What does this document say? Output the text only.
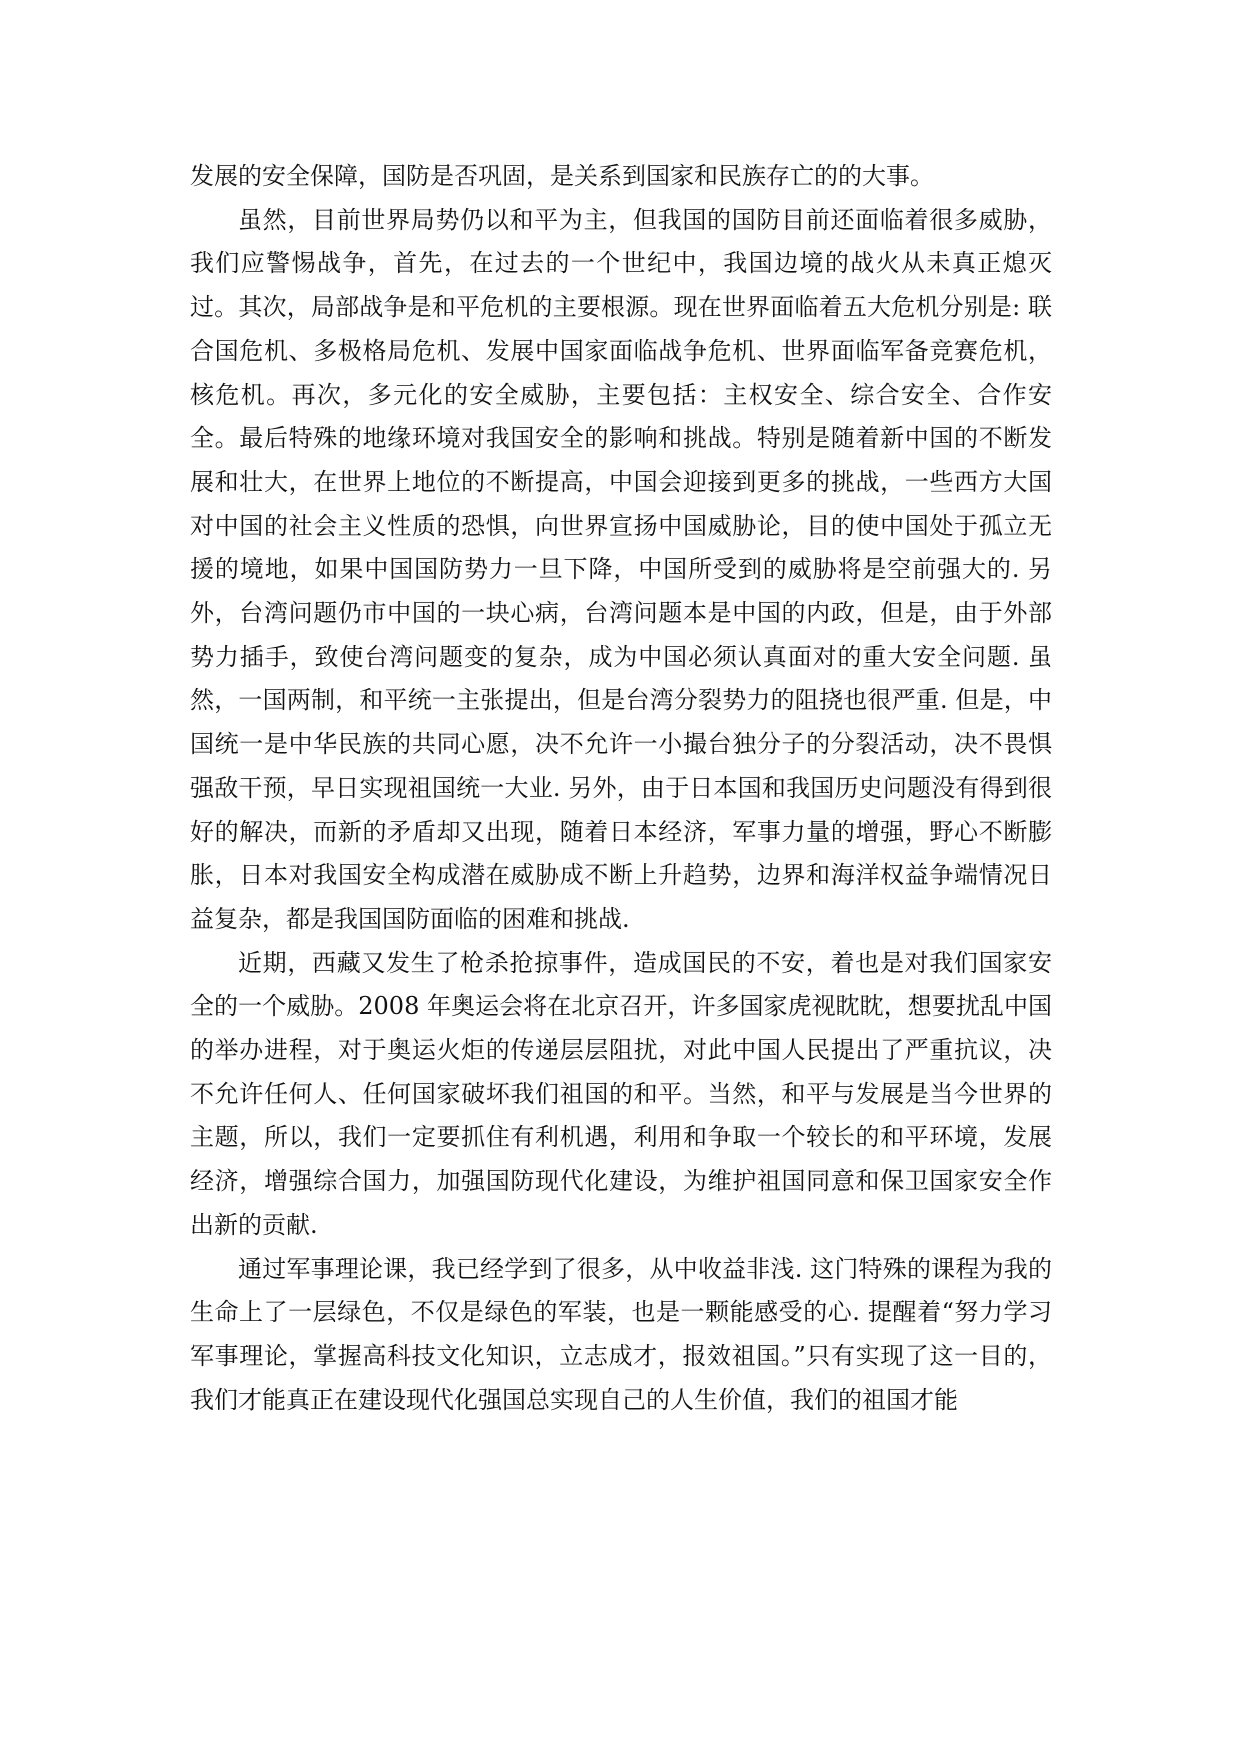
发展的安全保障，国防是否巩固，是关系到国家和民族存亡的的大事。

虽然，目前世界局势仍以和平为主，但我国的国防目前还面临着很多威胁，我们应警惕战争，首先，在过去的一个世纪中，我国边境的战火从未真正熄灭过。其次，局部战争是和平危机的主要根源。现在世界面临着五大危机分别是: 联合国危机、多极格局危机、发展中国家面临战争危机、世界面临军备竞赛危机，核危机。再次，多元化的安全威胁，主要包括：主权安全、综合安全、合作安全。最后特殊的地缘环境对我国安全的影响和挑战。特别是随着新中国的不断发展和壮大，在世界上地位的不断提高，中国会迎接到更多的挑战，一些西方大国对中国的社会主义性质的恐惧，向世界宣扬中国威胁论，目的使中国处于孤立无援的境地，如果中国国防势力一旦下降，中国所受到的威胁将是空前强大的. 另外，台湾问题仍市中国的一块心病，台湾问题本是中国的内政，但是，由于外部势力插手，致使台湾问题变的复杂，成为中国必须认真面对的重大安全问题. 虽然，一国两制，和平统一主张提出，但是台湾分裂势力的阻挠也很严重. 但是，中国统一是中华民族的共同心愿，决不允许一小撮台独分子的分裂活动，决不畏惧强敌干预，早日实现祖国统一大业. 另外，由于日本国和我国历史问题没有得到很好的解决，而新的矛盾却又出现，随着日本经济，军事力量的增强，野心不断膨胀，日本对我国安全构成潜在威胁成不断上升趋势，边界和海洋权益争端情况日益复杂，都是我国国防面临的困难和挑战.

近期，西藏又发生了枪杀抢掠事件，造成国民的不安，着也是对我们国家安全的一个威胁。2008 年奥运会将在北京召开，许多国家虎视眈眈，想要扰乱中国的举办进程，对于奥运火炬的传递层层阻扰，对此中国人民提出了严重抗议，决不允许任何人、任何国家破坏我们祖国的和平。当然，和平与发展是当今世界的主题，所以，我们一定要抓住有利机遇，利用和争取一个较长的和平环境，发展经济，增强综合国力，加强国防现代化建设，为维护祖国同意和保卫国家安全作出新的贡献.

通过军事理论课，我已经学到了很多，从中收益非浅. 这门特殊的课程为我的生命上了一层绿色，不仅是绿色的军装，也是一颗能感受的心. 提醒着“努力学习军事理论，掌握高科技文化知识，立志成才，报效祖国。”只有实现了这一目的，我们才能真正在建设现代化强国总实现自己的人生价值，我们的祖国才能
